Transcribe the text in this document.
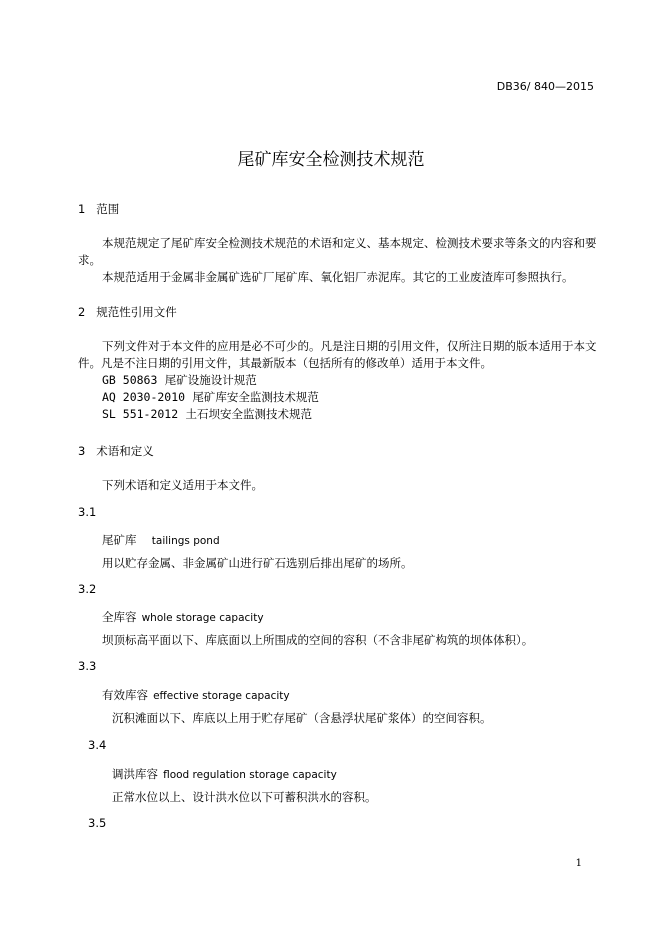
DB36/ 840—2015
尾矿库安全检测技术规范
1 范围
本规范规定了尾矿库安全检测技术规范的术语和定义、基本规定、检测技术要求等条文的内容和要
求。
本规范适用于金属非金属矿选矿厂尾矿库、氧化铝厂赤泥库。其它的工业废渣库可参照执行。
2 规范性引用文件
下列文件对于本文件的应用是必不可少的。凡是注日期的引用文件，仅所注日期的版本适用于本文
件。凡是不注日期的引用文件，其最新版本（包括所有的修改单）适用于本文件。
GB 50863 尾矿设施设计规范
AQ 2030-2010 尾矿库安全监测技术规范
SL 551-2012 土石坝安全监测技术规范
3 术语和定义
下列术语和定义适用于本文件。
3.1
尾矿库 tailings pond
用以贮存金属、非金属矿山进行矿石选别后排出尾矿的场所。
3.2
全库容 whole storage capacity
坝顶标高平面以下、库底面以上所围成的空间的容积（不含非尾矿构筑的坝体体积）。
3.3
有效库容 effective storage capacity
沉积滩面以下、库底以上用于贮存尾矿（含悬浮状尾矿浆体）的空间容积。
3.4
调洪库容 flood regulation storage capacity
正常水位以上、设计洪水位以下可蓄积洪水的容积。
3.5
1
